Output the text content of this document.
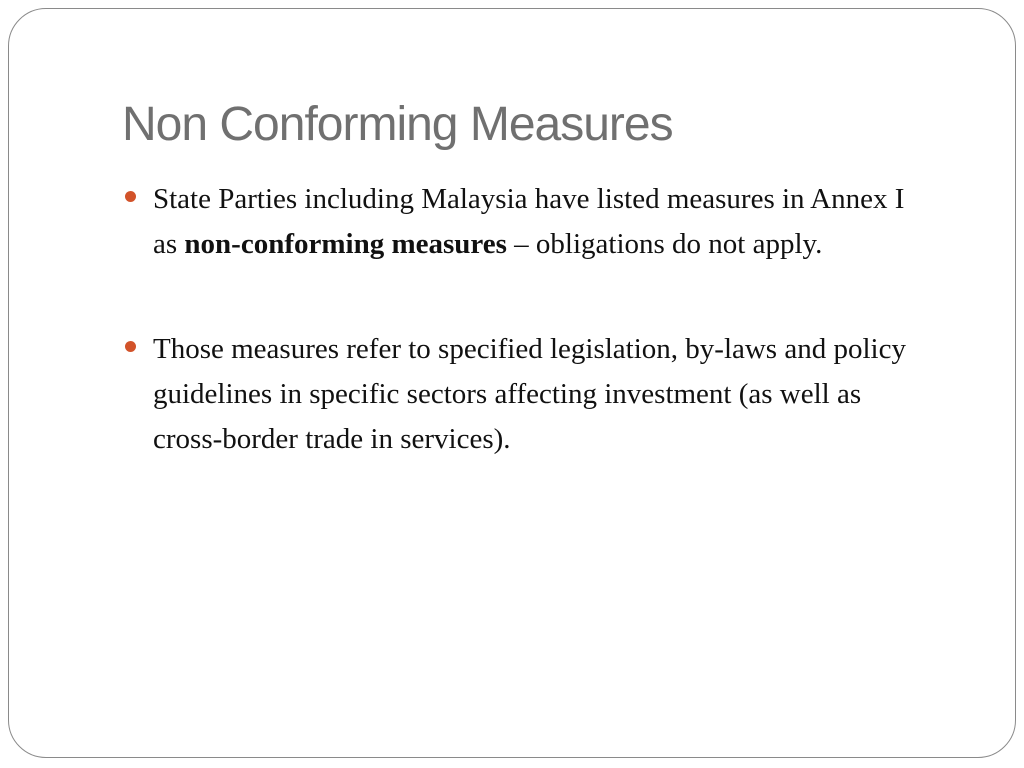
Non Conforming Measures
State Parties including Malaysia have listed measures in Annex I as non-conforming measures – obligations do not apply.
Those measures refer to specified legislation, by-laws and policy guidelines in specific sectors affecting investment (as well as cross-border trade in services).
